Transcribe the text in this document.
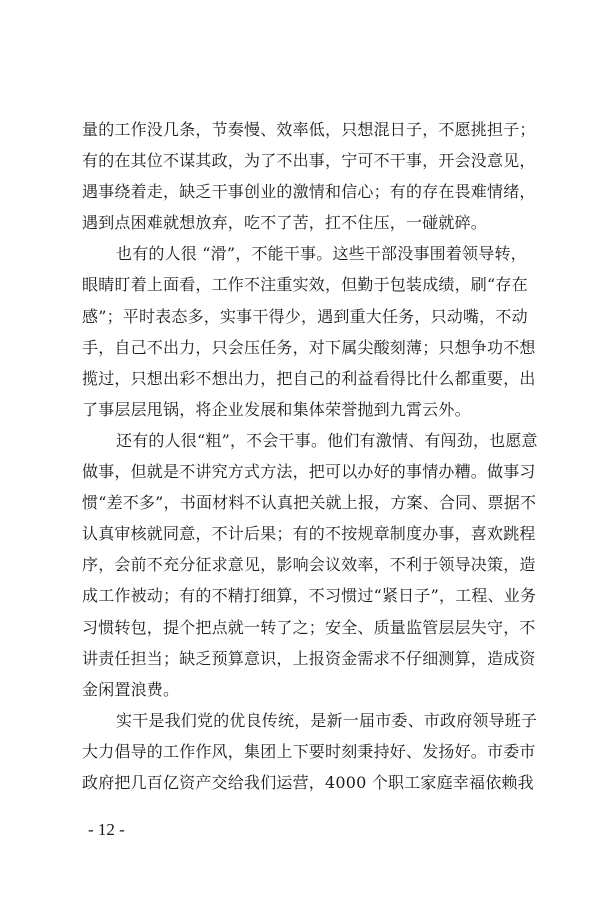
量的工作没几条，节奏慢、效率低，只想混日子，不愿挑担子；
有的在其位不谋其政，为了不出事，宁可不干事，开会没意见，
遇事绕着走，缺乏干事创业的激情和信心；有的存在畏难情绪，
遇到点困难就想放弃，吃不了苦，扛不住压，一碰就碎。
也有的人很 “滑”，不能干事。这些干部没事围着领导转，
眼睛盯着上面看，工作不注重实效，但勤于包装成绩，刷“存在
感”；平时表态多，实事干得少，遇到重大任务，只动嘴，不动
手，自己不出力，只会压任务，对下属尖酸刻薄；只想争功不想
揽过，只想出彩不想出力，把自己的利益看得比什么都重要，出
了事层层甩锅，将企业发展和集体荣誉抛到九霄云外。
还有的人很“粗”，不会干事。他们有激情、有闯劲，也愿意
做事，但就是不讲究方式方法，把可以办好的事情办糟。做事习
惯“差不多”，书面材料不认真把关就上报，方案、合同、票据不
认真审核就同意，不计后果；有的不按规章制度办事，喜欢跳程
序，会前不充分征求意见，影响会议效率，不利于领导决策，造
成工作被动；有的不精打细算，不习惯过“紧日子”，工程、业务
习惯转包，提个把点就一转了之；安全、质量监管层层失守，不
讲责任担当；缺乏预算意识，上报资金需求不仔细测算，造成资
金闲置浪费。
实干是我们党的优良传统，是新一届市委、市政府领导班子
大力倡导的工作作风，集团上下要时刻秉持好、发扬好。市委市
政府把几百亿资产交给我们运营，4000 个职工家庭幸福依赖我
- 12 -
